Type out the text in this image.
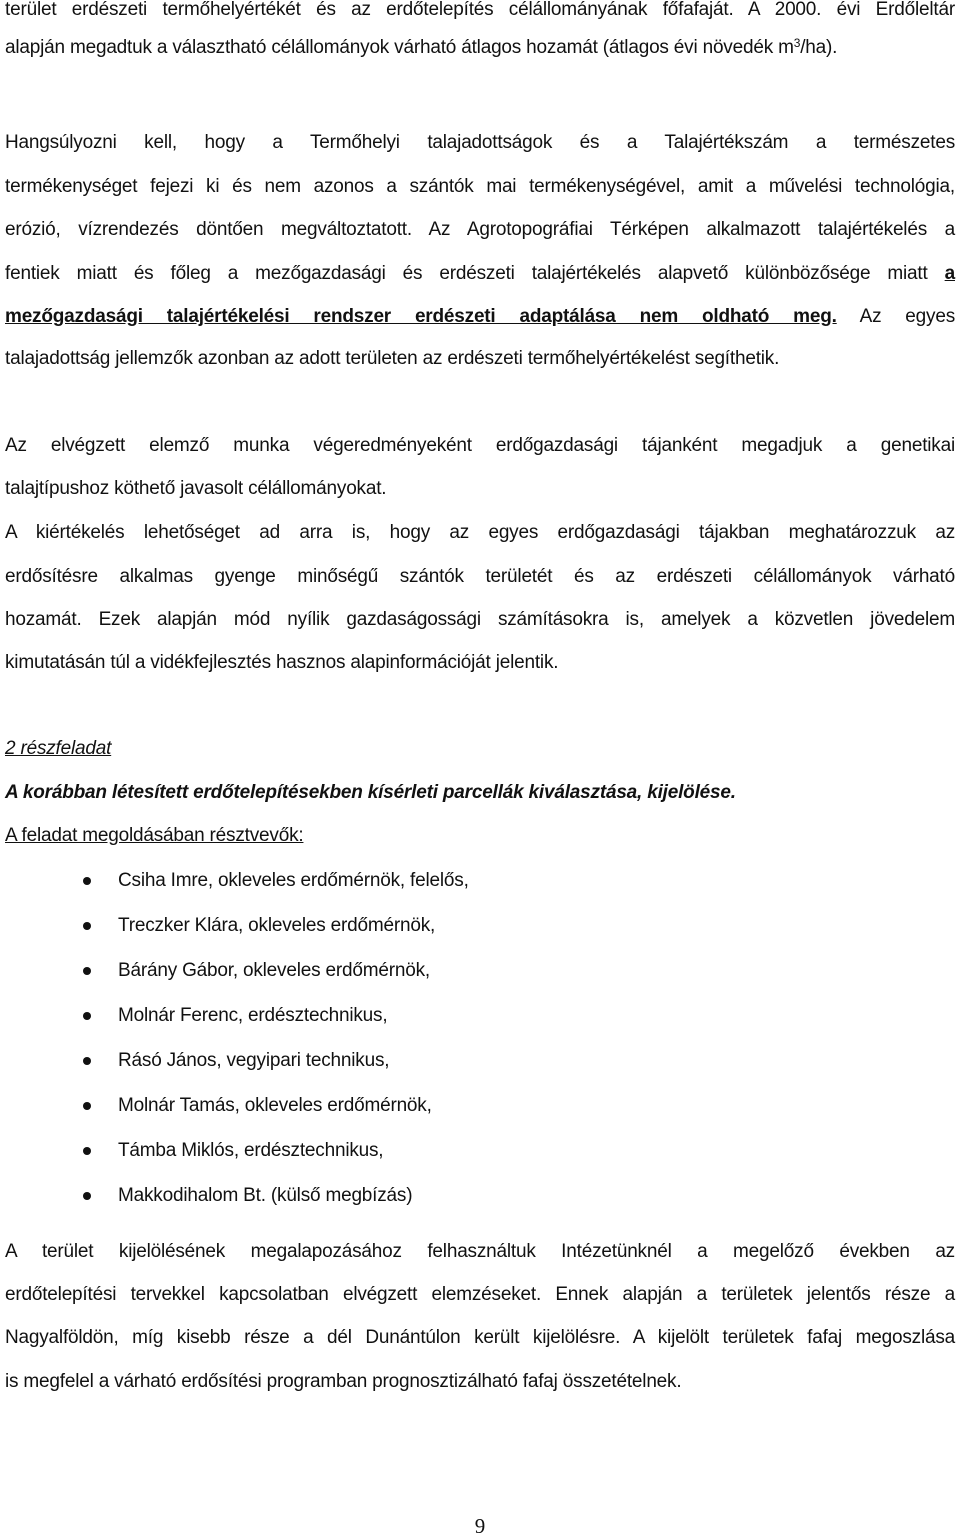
terület erdészeti termőhelyértékét és az erdőtelepítés célállományának főfafaját. A 2000. évi Erdőleltár
alapján megadtuk a választható célállományok várható átlagos hozamát (átlagos évi növedék $m^3/ha$).
Hangsúlyozni kell, hogy a Termőhelyi talajadottságok és a Talajértékszám a természetes
termékenységet fejezi ki és nem azonos a szántók mai termékenységével, amit a művelési technológia,
erózió, vízrendezés döntően megváltoztatott. Az Agrotopográfiai Térképen alkalmazott talajértékelés a
fentiek miatt és főleg a mezőgazdasági és erdészeti talajértékelés alapvető különbözősége miatt a
mezőgazdasági talajértékelési rendszer erdészeti adaptálása nem oldható meg. Az egyes
talajadottság jellemzők azonban az adott területen az erdészeti termőhelyértékelést segíthetik.
Az elvégzett elemző munka végeredményeként erdőgazdasági tájanként megadjuk a genetikai
talajtípushoz köthető javasolt célállományokat.
A kiértékelés lehetőséget ad arra is, hogy az egyes erdőgazdasági tájakban meghatározzuk az
erdősítésre alkalmas gyenge minőségű szántók területét és az erdészeti célállományok várható
hozamát. Ezek alapján mód nyílik gazdaságossági számításokra is, amelyek a közvetlen jövedelem
kimutatásán túl a vidékfejlesztés hasznos alapinformációját jelentik.
2 részfeladat
A korábban létesített erdőtelepítésekben kísérleti parcellák kiválasztása, kijelölése.
A feladat megoldásában résztvevők:
Csiha Imre, okleveles erdőmérnök, felelős,
Treczker Klára, okleveles erdőmérnök,
Bárány Gábor, okleveles erdőmérnök,
Molnár Ferenc, erdésztechnikus,
Rásó János, vegyipari technikus,
Molnár Tamás, okleveles erdőmérnök,
Támba Miklós, erdésztechnikus,
Makkodihalom Bt. (külső megbízás)
A terület kijelölésének megalapozásához felhasználtuk Intézetünknél a megelőző években az
erdőtelepítési tervekkel kapcsolatban elvégzett elemzéseket. Ennek alapján a területek jelentős része a
Nagyalföldön, míg kisebb része a dél Dunántúlon került kijelölésre. A kijelölt területek fafaj megoszlása
is megfelel a várható erdősítési programban prognosztizálható fafaj összetételnek.
9
